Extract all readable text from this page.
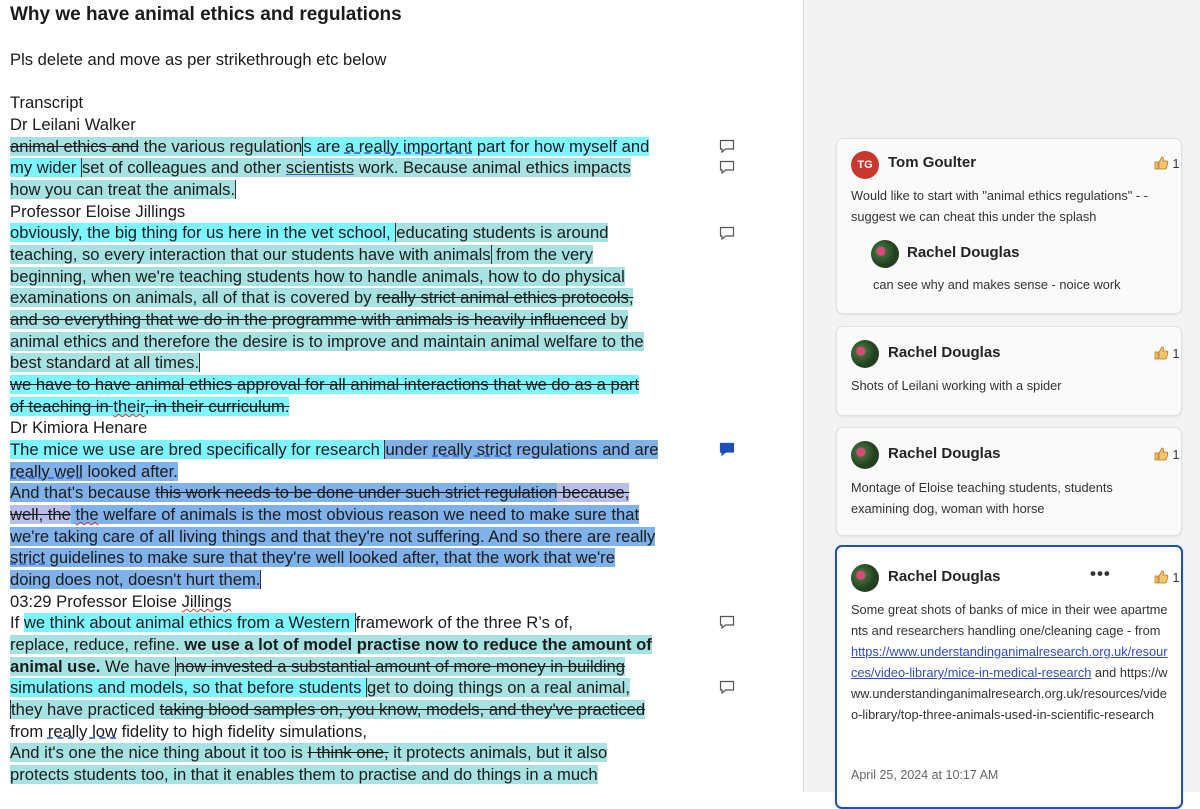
Why we have animal ethics and regulations
Pls delete and move as per strikethrough etc below
Transcript
Dr Leilani Walker
animal ethics and the various regulations are a really important part for how myself and
my wider set of colleagues and other scientists work. Because animal ethics impacts
how you can treat the animals.
Professor Eloise Jillings
obviously, the big thing for us here in the vet school, educating students is around
teaching, so every interaction that our students have with animals from the very
beginning, when we're teaching students how to handle animals, how to do physical
examinations on animals, all of that is covered by really strict animal ethics protocols,
and so everything that we do in the programme with animals is heavily influenced by
animal ethics and therefore the desire is to improve and maintain animal welfare to the
best standard at all times.
we have to have animal ethics approval for all animal interactions that we do as a part
of teaching in their, in their curriculum.
Dr Kimiora Henare
The mice we use are bred specifically for research under really strict regulations and are
really well looked after.
And that's because this work needs to be done under such strict regulation because,
well, the the welfare of animals is the most obvious reason we need to make sure that
we're taking care of all living things and that they're not suffering. And so there are really
strict guidelines to make sure that they're well looked after, that the work that we're
doing does not, doesn't hurt them.
03:29 Professor Eloise Jillings
If we think about animal ethics from a Western framework of the three R’s of,
replace, reduce, refine. we use a lot of model practise now to reduce the amount of
animal use. We have now invested a substantial amount of more money in building
simulations and models, so that before students get to doing things on a real animal,
they have practiced taking blood samples on, you know, models, and they've practiced
from really low fidelity to high fidelity simulations,
And it's one the nice thing about it too is I think one, it protects animals, but it also
protects students too, in that it enables them to practise and do things in a much
TG	Tom Goulter	1
Would like to start with "animal ethics regulations" - - suggest we can cheat this under the splash
Rachel Douglas
can see why and makes sense - noice work
Rachel Douglas	1
Shots of Leilani working with a spider
Rachel Douglas	1
Montage of Eloise teaching students, students examining dog, woman with horse
Rachel Douglas	•••	1
Some great shots of banks of mice in their wee apartments and researchers handling one/cleaning cage - from https://www.understandinganimalresearch.org.uk/resources/video-library/mice-in-medical-research and https://www.understandinganimalresearch.org.uk/resources/video-library/top-three-animals-used-in-scientific-research
April 25, 2024 at 10:17 AM
